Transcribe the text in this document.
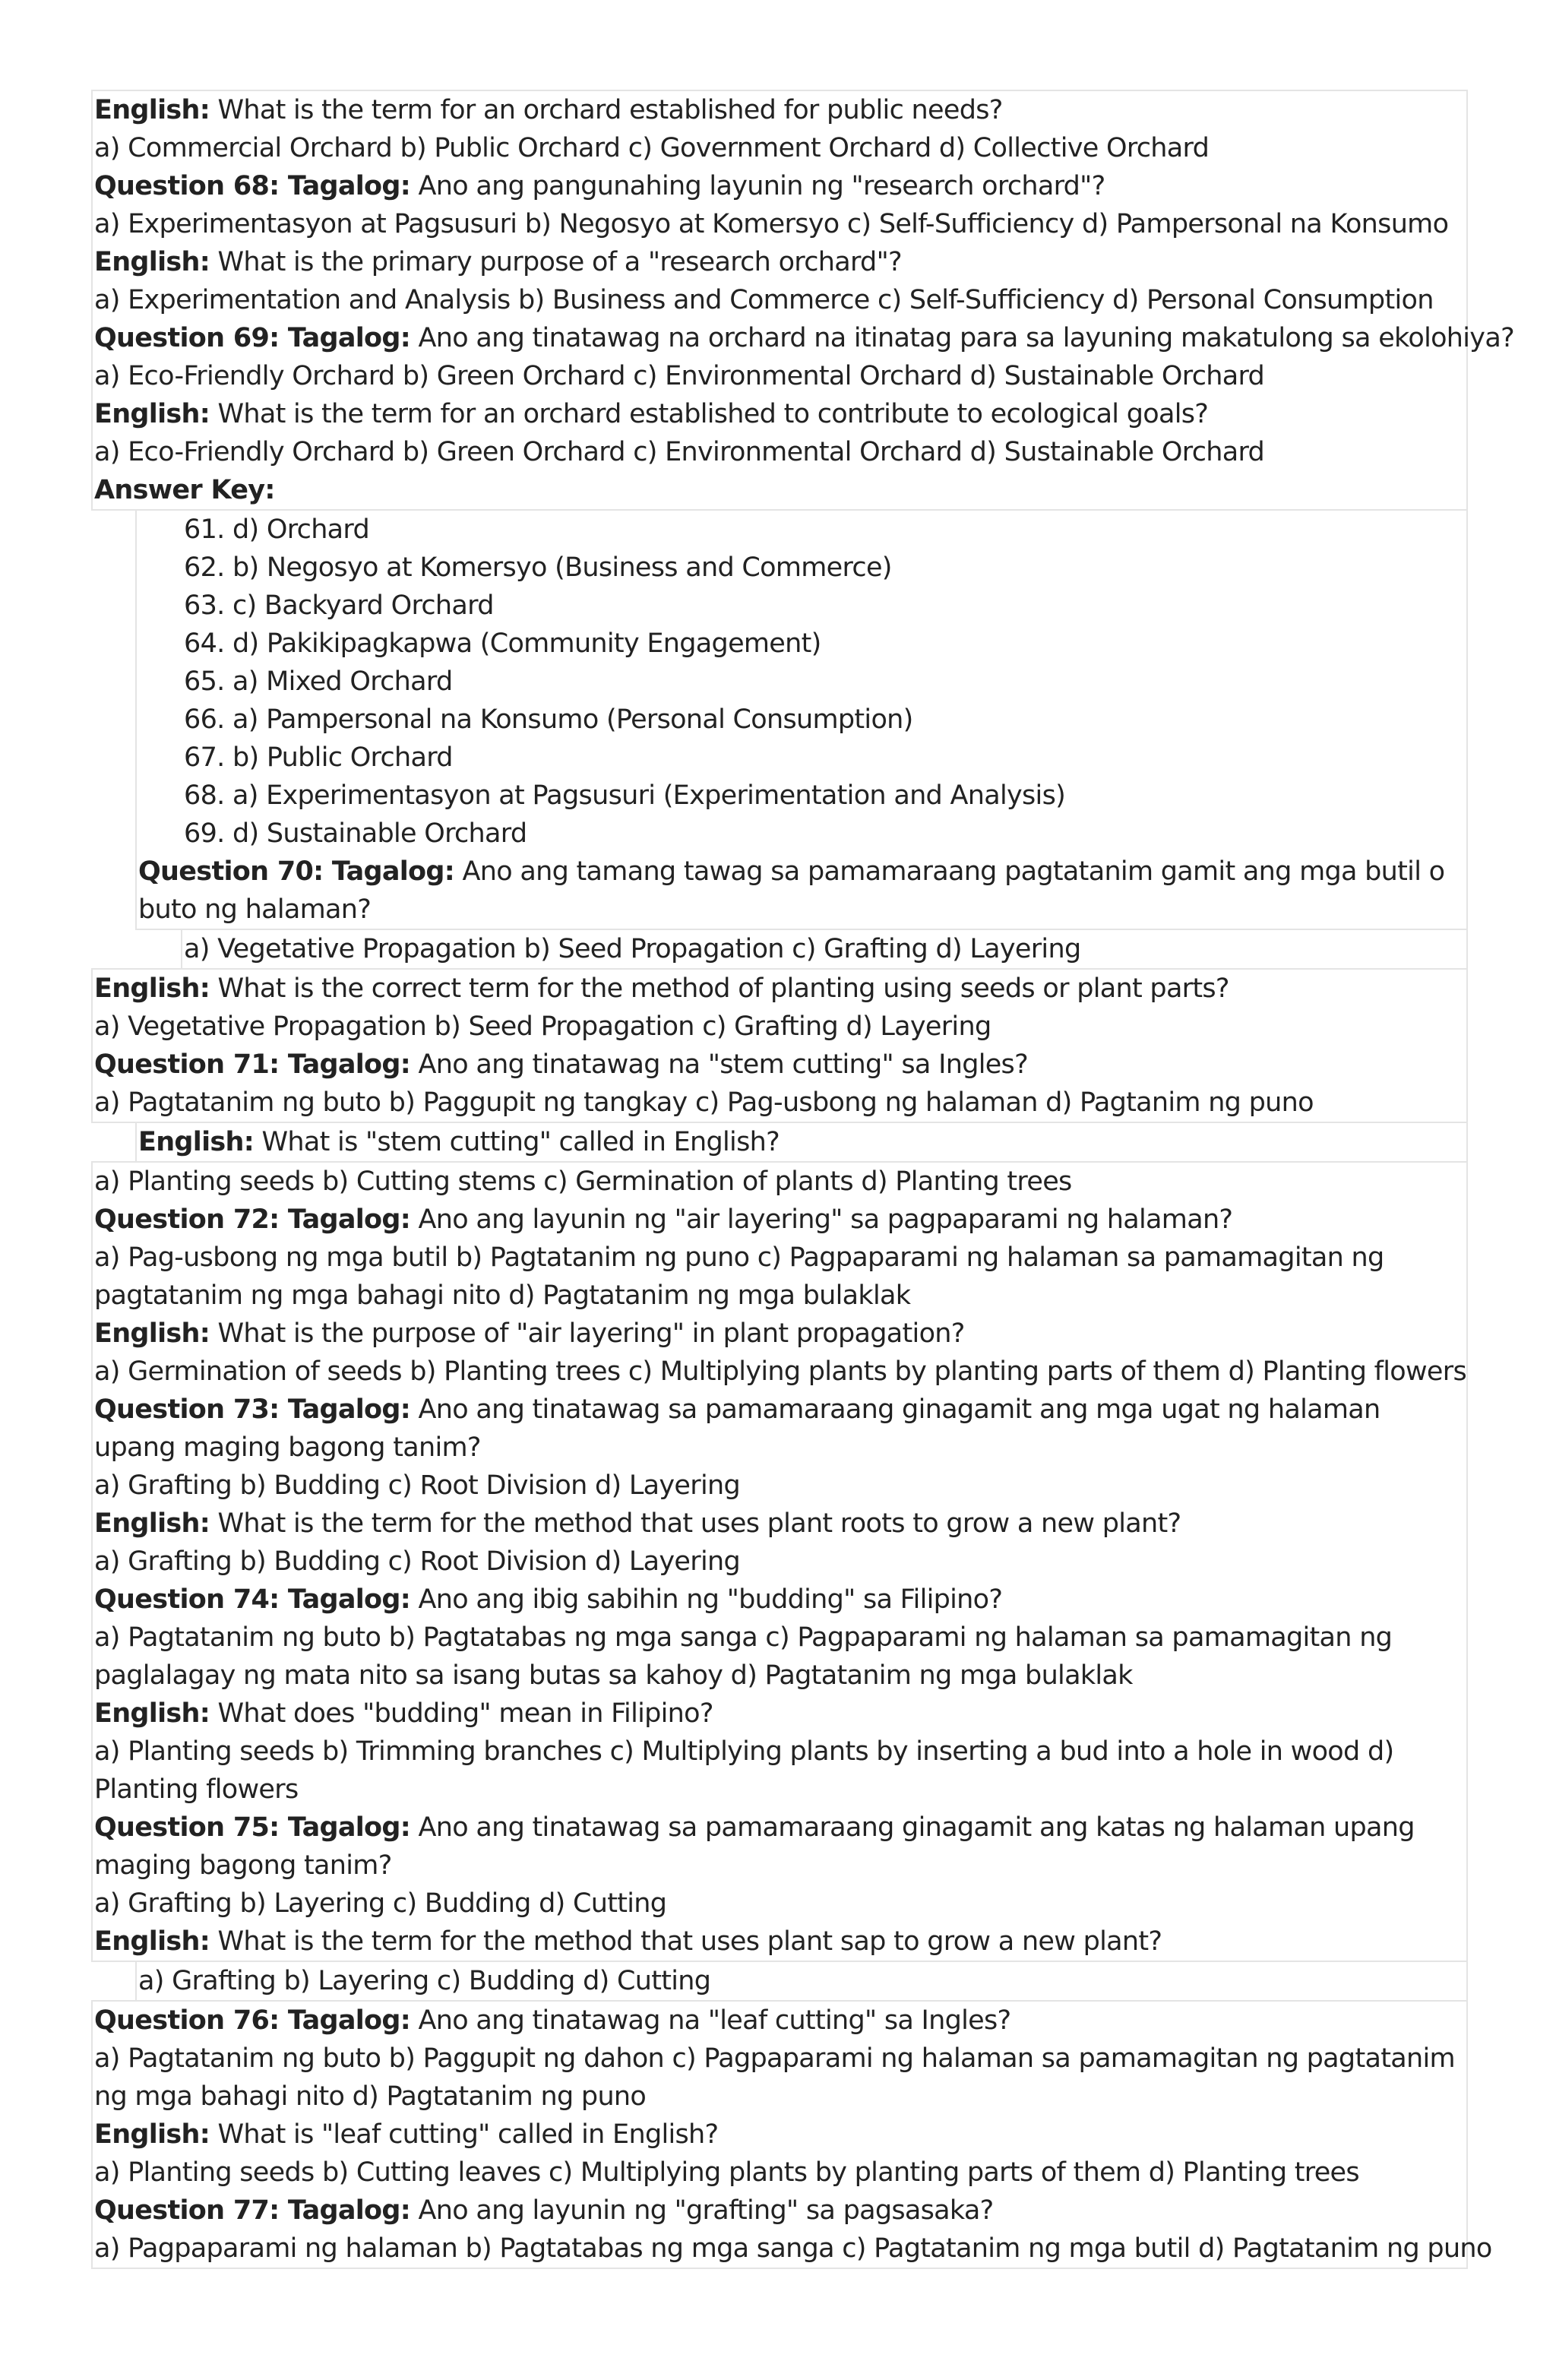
English: What is the term for an orchard established for public needs?
a) Commercial Orchard b) Public Orchard c) Government Orchard d) Collective Orchard
Question 68: Tagalog: Ano ang pangunahing layunin ng "research orchard"?
a) Experimentasyon at Pagsusuri b) Negosyo at Komersyo c) Self-Sufficiency d) Pampersonal na Konsumo
English: What is the primary purpose of a "research orchard"?
a) Experimentation and Analysis b) Business and Commerce c) Self-Sufficiency d) Personal Consumption
Question 69: Tagalog: Ano ang tinatawag na orchard na itinatag para sa layuning makatulong sa ekolohiya?
a) Eco-Friendly Orchard b) Green Orchard c) Environmental Orchard d) Sustainable Orchard
English: What is the term for an orchard established to contribute to ecological goals?
a) Eco-Friendly Orchard b) Green Orchard c) Environmental Orchard d) Sustainable Orchard
Answer Key:
61. d) Orchard
62. b) Negosyo at Komersyo (Business and Commerce)
63. c) Backyard Orchard
64. d) Pakikipagkapwa (Community Engagement)
65. a) Mixed Orchard
66. a) Pampersonal na Konsumo (Personal Consumption)
67. b) Public Orchard
68. a) Experimentasyon at Pagsusuri (Experimentation and Analysis)
69. d) Sustainable Orchard
Question 70: Tagalog: Ano ang tamang tawag sa pamamaraang pagtatanim gamit ang mga butil o buto ng halaman?
a) Vegetative Propagation b) Seed Propagation c) Grafting d) Layering
English: What is the correct term for the method of planting using seeds or plant parts?
a) Vegetative Propagation b) Seed Propagation c) Grafting d) Layering
Question 71: Tagalog: Ano ang tinatawag na "stem cutting" sa Ingles?
a) Pagtatanim ng buto b) Paggupit ng tangkay c) Pag-usbong ng halaman d) Pagtanim ng puno
English: What is "stem cutting" called in English?
a) Planting seeds b) Cutting stems c) Germination of plants d) Planting trees
Question 72: Tagalog: Ano ang layunin ng "air layering" sa pagpaparami ng halaman?
a) Pag-usbong ng mga butil b) Pagtatanim ng puno c) Pagpaparami ng halaman sa pamamagitan ng pagtatanim ng mga bahagi nito d) Pagtatanim ng mga bulaklak
English: What is the purpose of "air layering" in plant propagation?
a) Germination of seeds b) Planting trees c) Multiplying plants by planting parts of them d) Planting flowers
Question 73: Tagalog: Ano ang tinatawag sa pamamaraang ginagamit ang mga ugat ng halaman upang maging bagong tanim?
a) Grafting b) Budding c) Root Division d) Layering
English: What is the term for the method that uses plant roots to grow a new plant?
a) Grafting b) Budding c) Root Division d) Layering
Question 74: Tagalog: Ano ang ibig sabihin ng "budding" sa Filipino?
a) Pagtatanim ng buto b) Pagtatabas ng mga sanga c) Pagpaparami ng halaman sa pamamagitan ng paglalagay ng mata nito sa isang butas sa kahoy d) Pagtatanim ng mga bulaklak
English: What does "budding" mean in Filipino?
a) Planting seeds b) Trimming branches c) Multiplying plants by inserting a bud into a hole in wood d) Planting flowers
Question 75: Tagalog: Ano ang tinatawag sa pamamaraang ginagamit ang katas ng halaman upang maging bagong tanim?
a) Grafting b) Layering c) Budding d) Cutting
English: What is the term for the method that uses plant sap to grow a new plant?
a) Grafting b) Layering c) Budding d) Cutting
Question 76: Tagalog: Ano ang tinatawag na "leaf cutting" sa Ingles?
a) Pagtatanim ng buto b) Paggupit ng dahon c) Pagpaparami ng halaman sa pamamagitan ng pagtatanim ng mga bahagi nito d) Pagtatanim ng puno
English: What is "leaf cutting" called in English?
a) Planting seeds b) Cutting leaves c) Multiplying plants by planting parts of them d) Planting trees
Question 77: Tagalog: Ano ang layunin ng "grafting" sa pagsasaka?
a) Pagpaparami ng halaman b) Pagtatabas ng mga sanga c) Pagtatanim ng mga butil d) Pagtatanim ng puno
